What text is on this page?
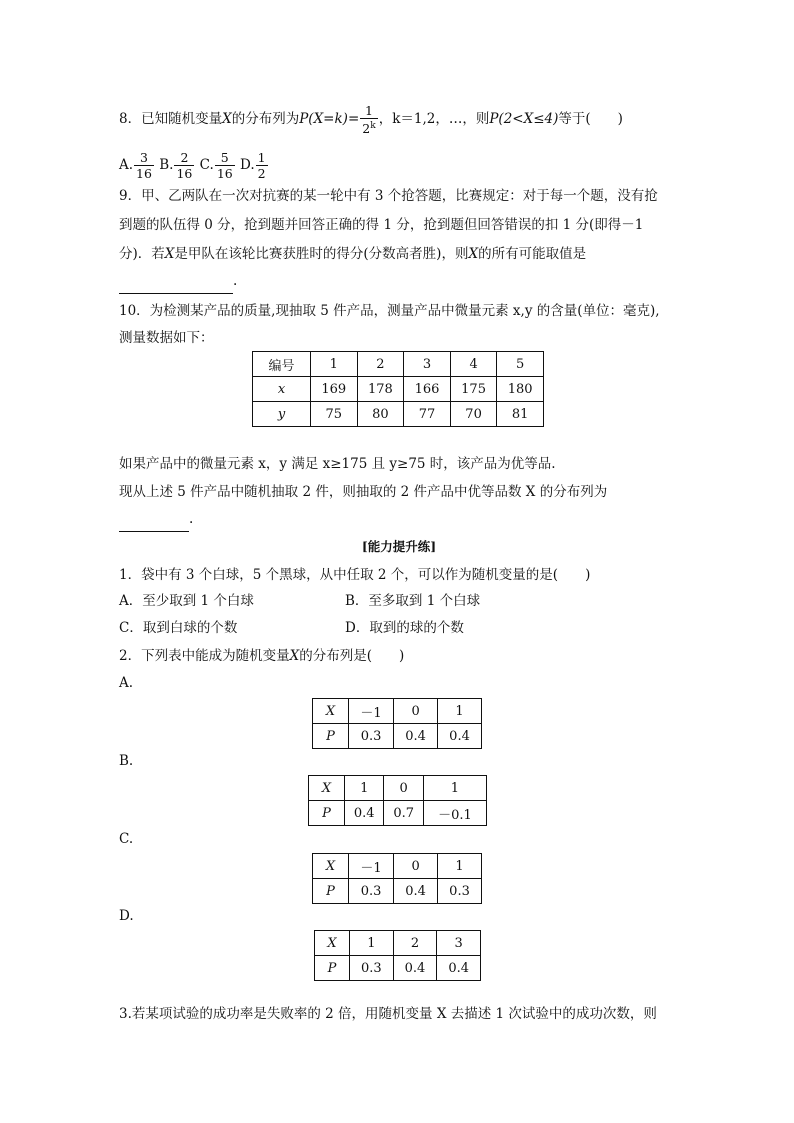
8．已知随机变量X的分布列为$P(X=k)= \frac{1}{2^k}$ ，k＝1,2，…，则P(2<X≤4)等于(　　)
A. $\frac{3}{16} B$. $\frac{2}{16} C$. $\frac{5}{16} D$. $\frac{1}{2}$
9．甲、乙两队在一次对抗赛的某一轮中有 3 个抢答题，比赛规定：对于每一个题，没有抢
到题的队伍得 0 分，抢到题并回答正确的得 1 分，抢到题但回答错误的扣 1 分(即得－1
分)．若X是甲队在该轮比赛获胜时的得分(分数高者胜)，则X的所有可能取值是
.
10．为检测某产品的质量,现抽取 5 件产品，测量产品中微量元素 x,y 的含量(单位：毫克),
测量数据如下：
编号	1	2	3	4	5
x	169	178	166	175	180
y	75	80	77	70	81
如果产品中的微量元素 x，y 满足 x≥175 且 y≥75 时，该产品为优等品.
现从上述 5 件产品中随机抽取 2 件，则抽取的 2 件产品中优等品数 X 的分布列为
.
[能力提升练]
1．袋中有 3 个白球，5 个黑球，从中任取 2 个，可以作为随机变量的是(　　)
A．至少取到 1 个白球	B．至多取到 1 个白球
C．取到白球的个数	D．取到的球的个数
2．下列表中能成为随机变量X的分布列是(　　)
A.
X	－1	0	1
P	0.3	0.4	0.4
B.
X	1	0	1
P	0.4	0.7	－0.1
C.
X	－1	0	1
P	0.3	0.4	0.3
D.
X	1	2	3
P	0.3	0.4	0.4
3.若某项试验的成功率是失败率的 2 倍，用随机变量 X 去描述 1 次试验中的成功次数，则
